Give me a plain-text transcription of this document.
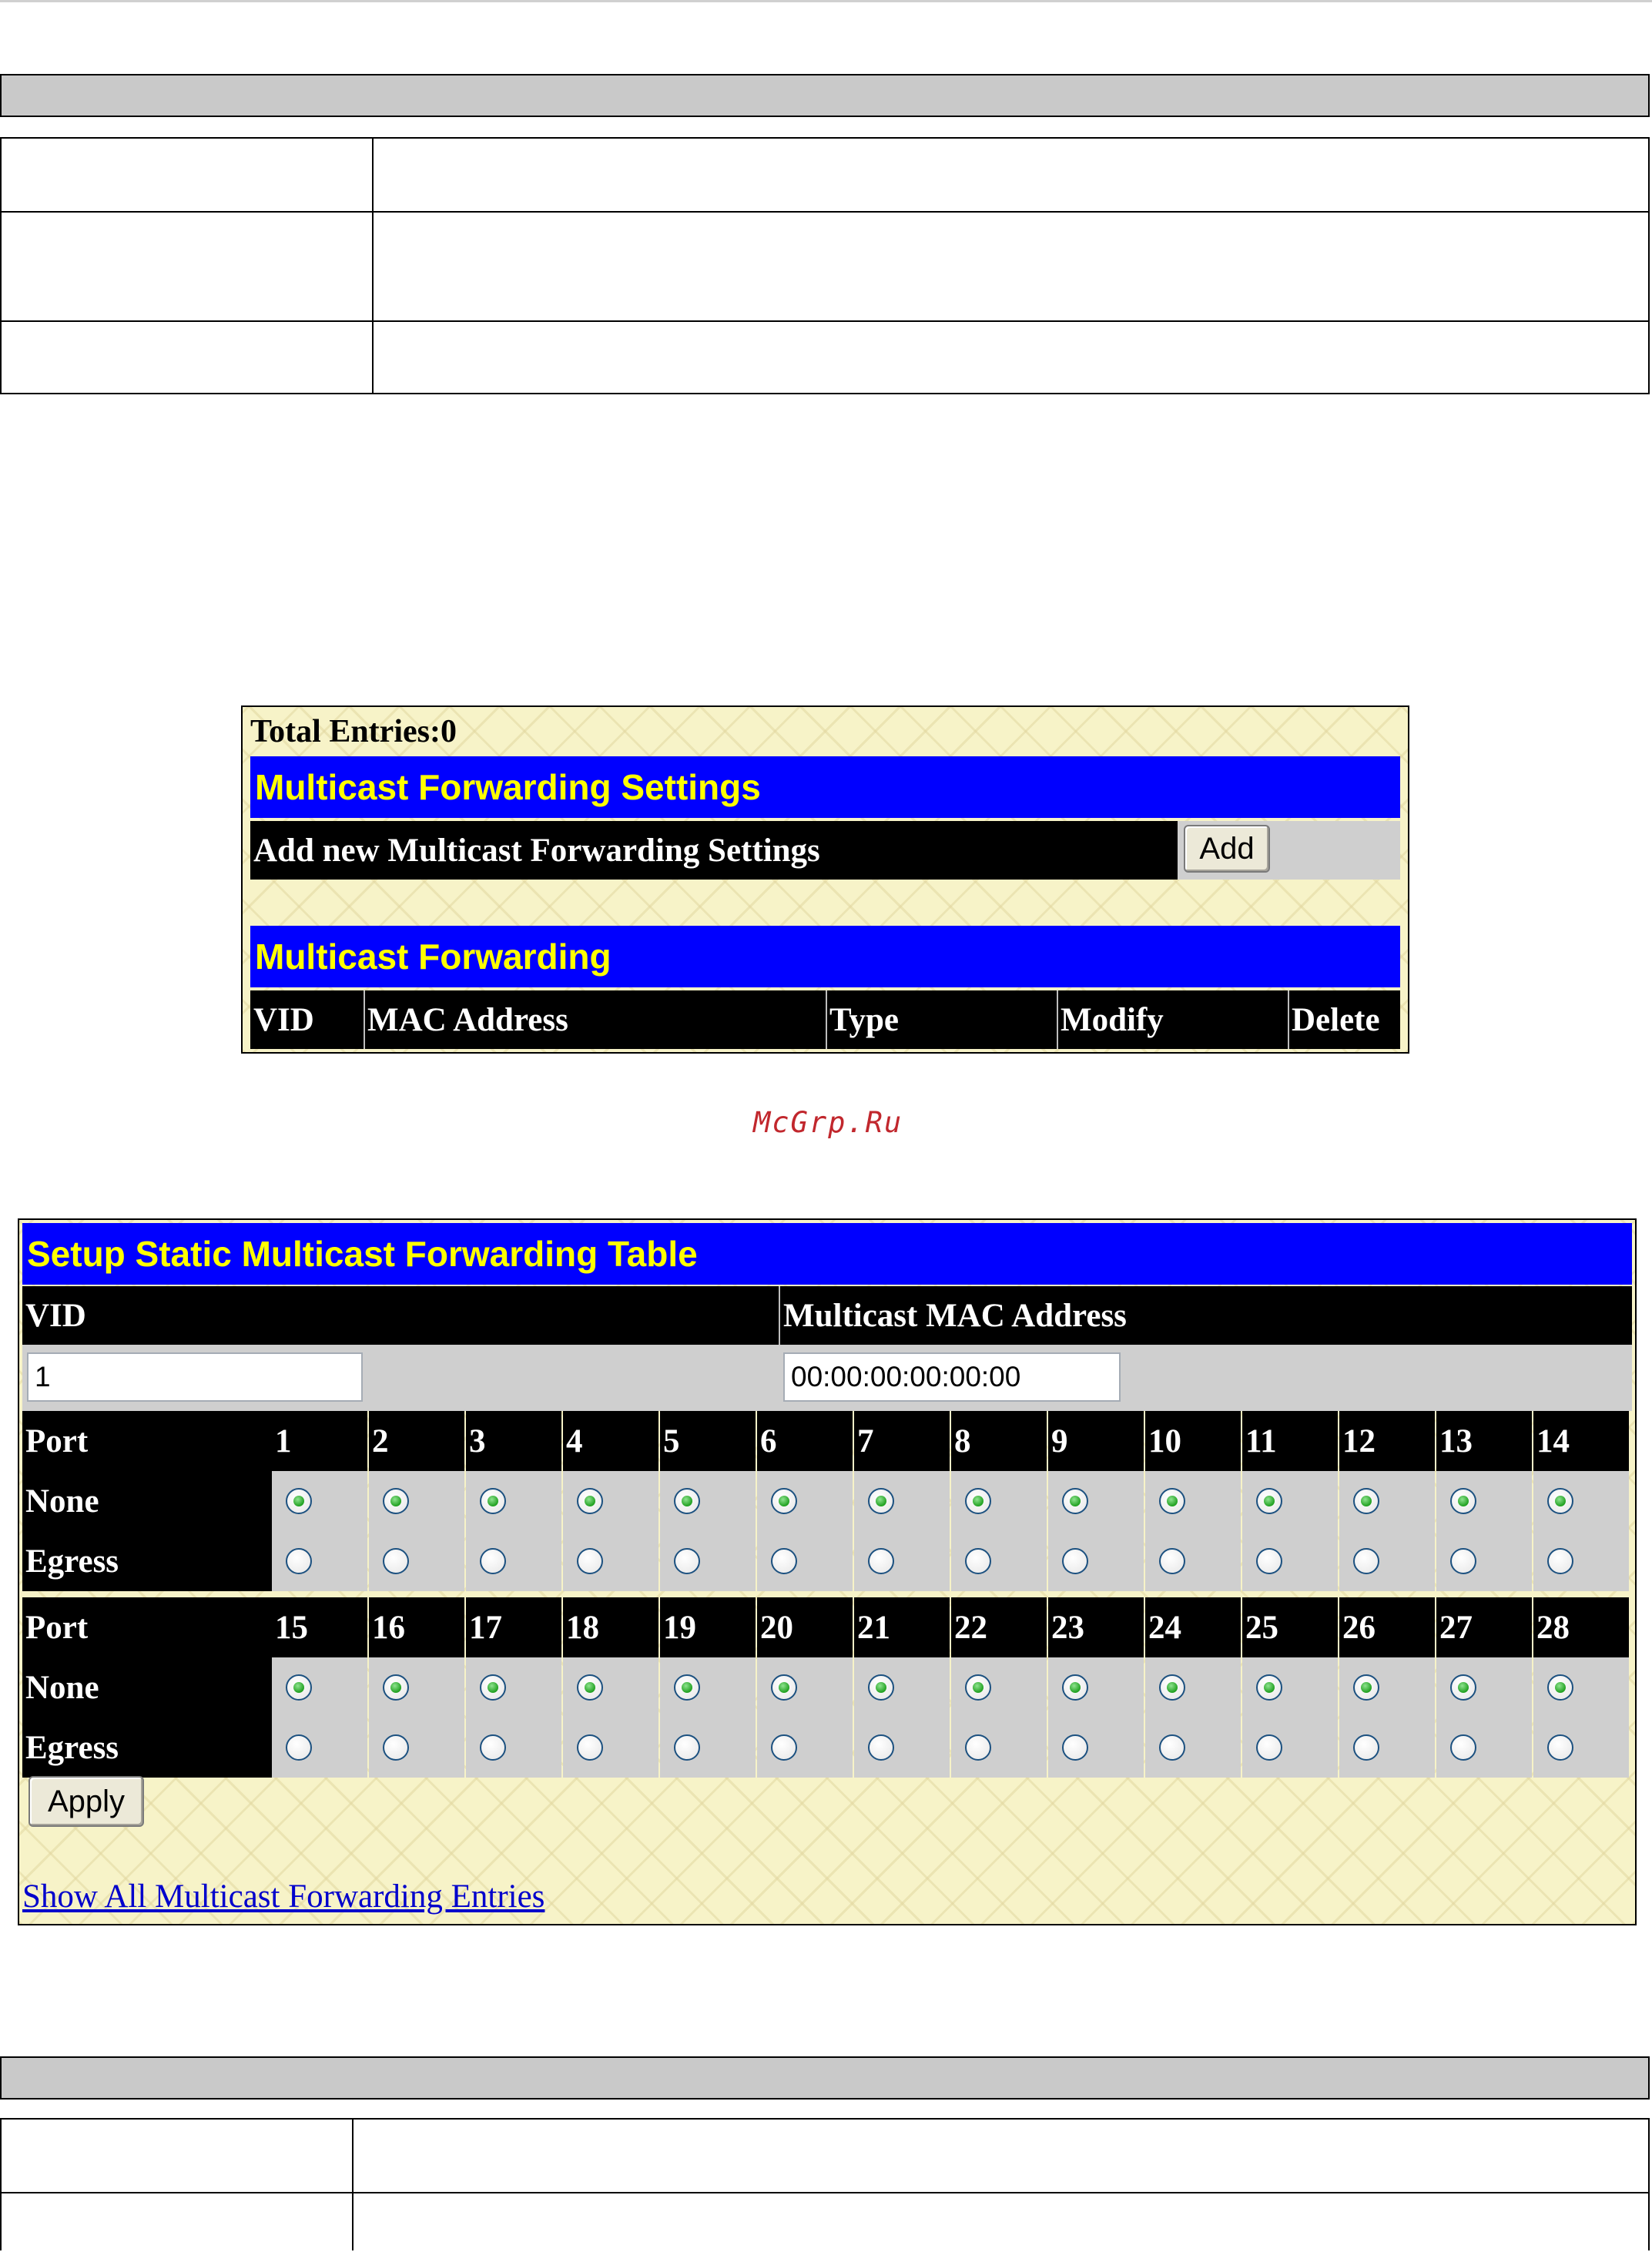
Total Entries:0
Multicast Forwarding Settings
Add new Multicast Forwarding Settings	Add
Multicast Forwarding
VID	MAC Address	Type	Modify	Delete
McGrp.Ru
Setup Static Multicast Forwarding Table
VID	Multicast MAC Address
1
00:00:00:00:00:00
Port	1	2	3	4	5	6	7	8	9	10	11	12	13	14
None
Egress
Port	15	16	17	18	19	20	21	22	23	24	25	26	27	28
None
Egress
Apply
Show All Multicast Forwarding Entries
